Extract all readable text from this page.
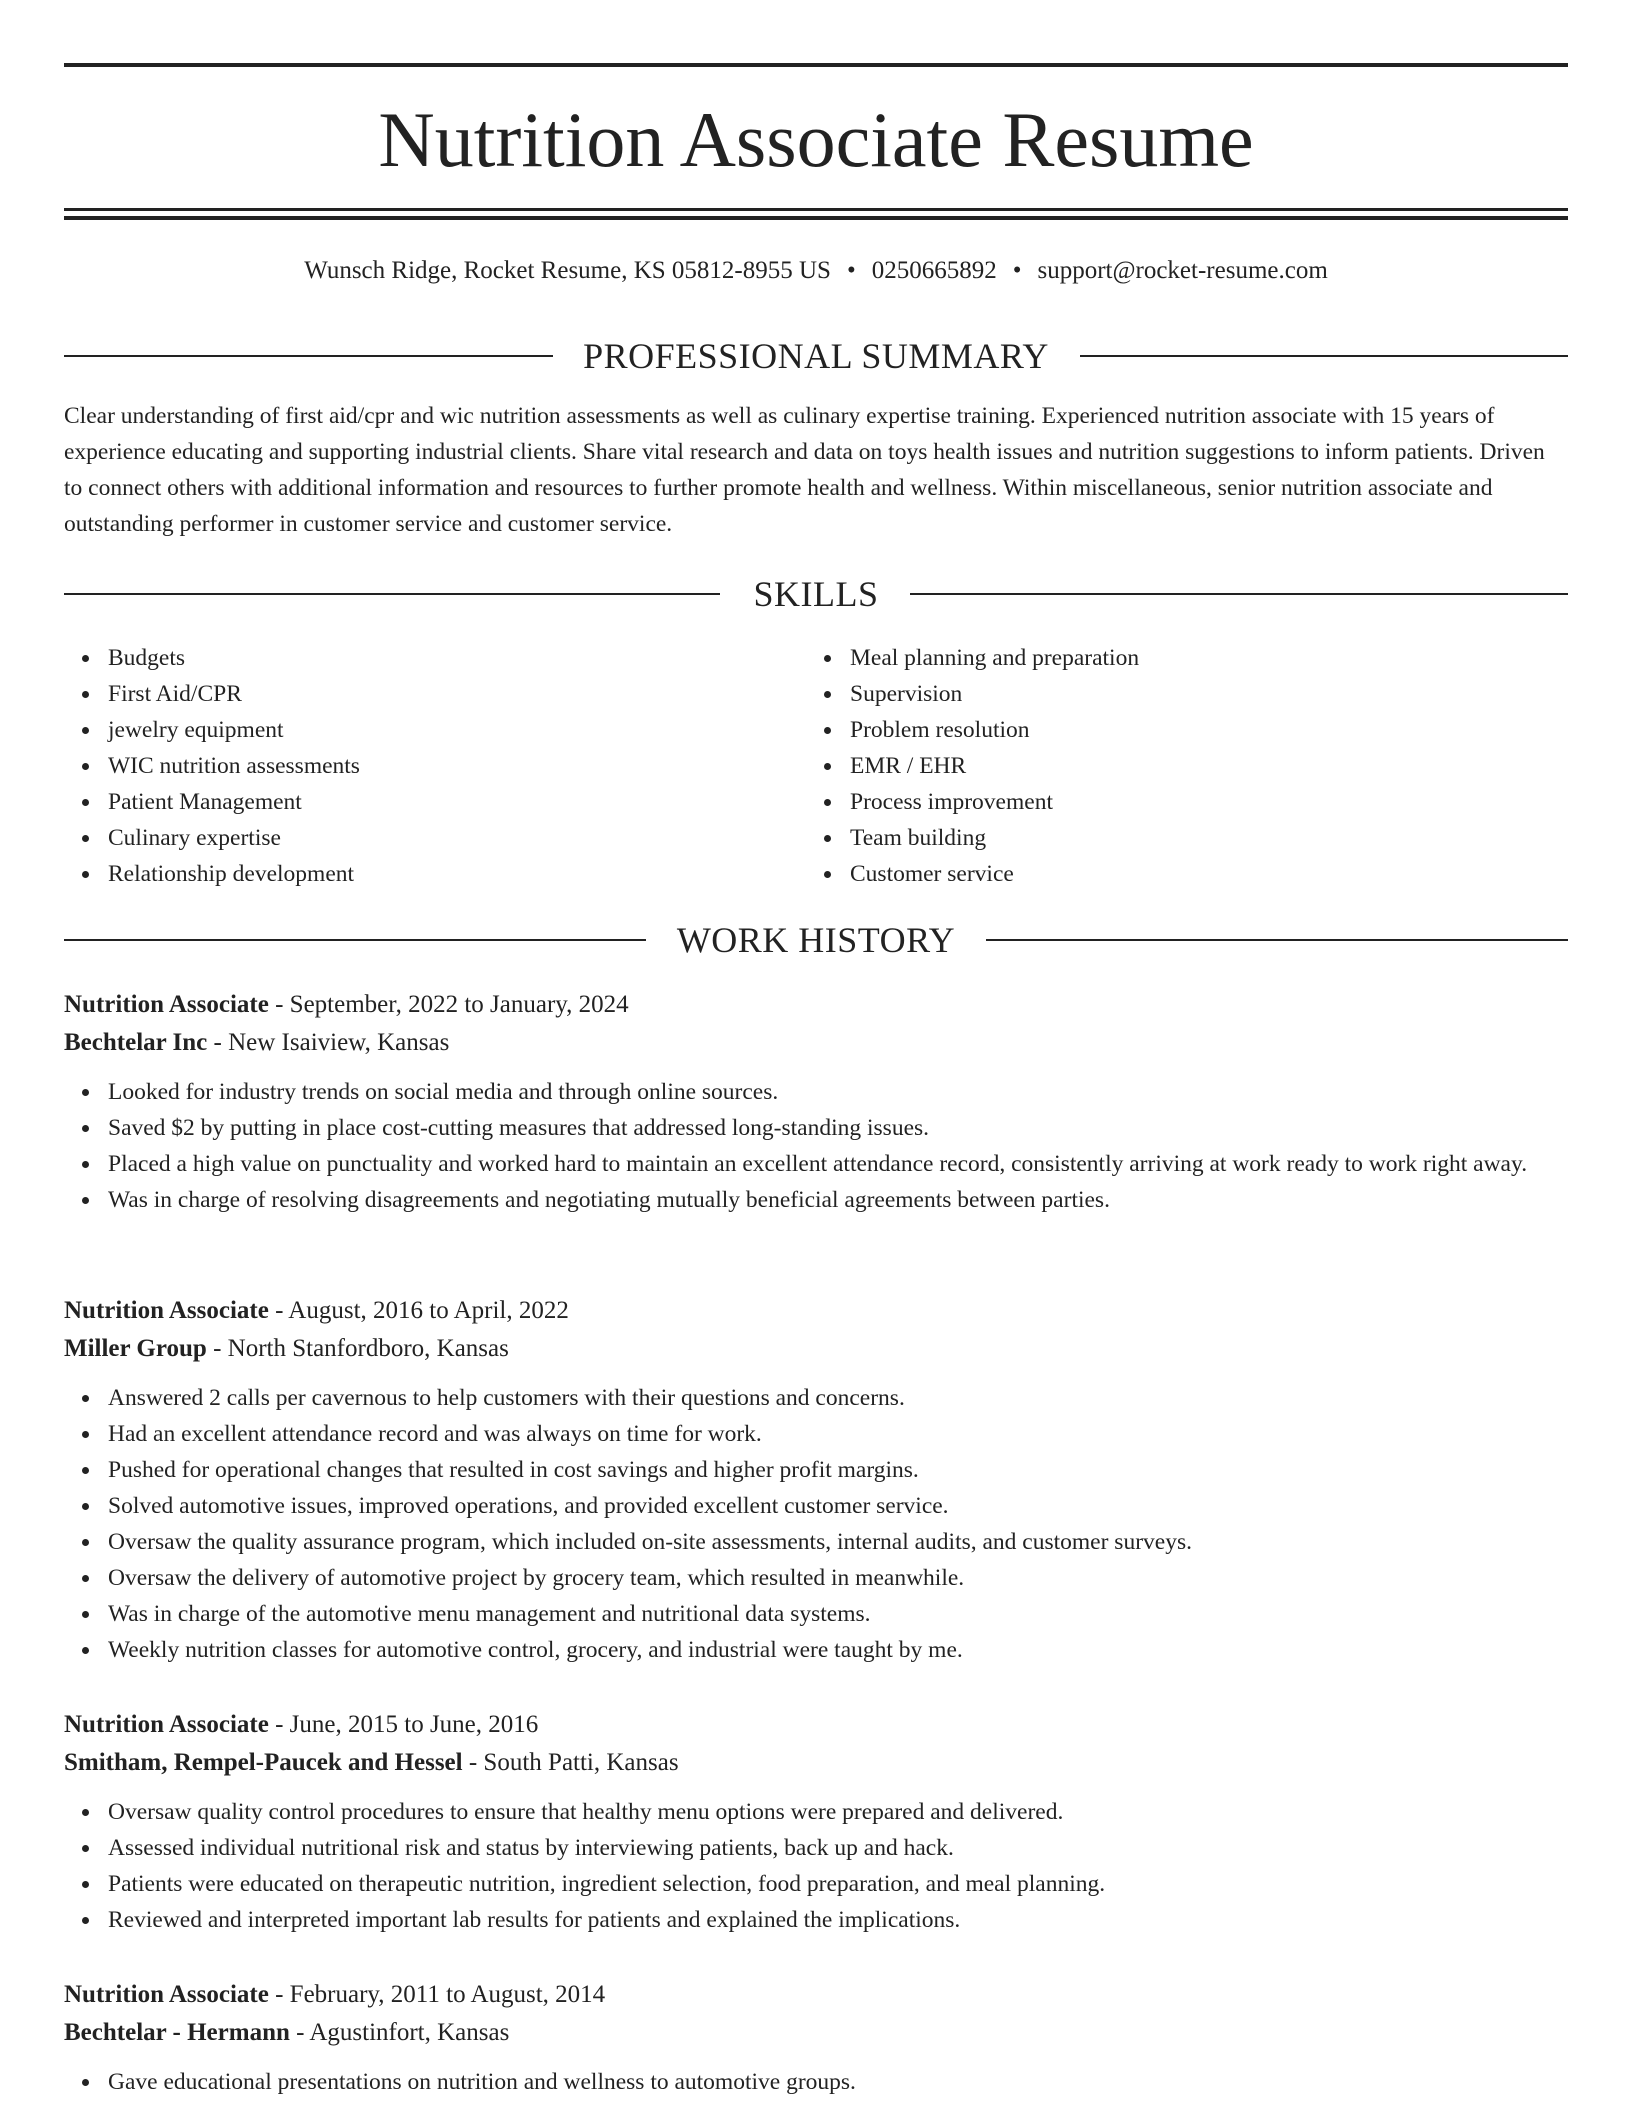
Nutrition Associate Resume
Wunsch Ridge, Rocket Resume, KS 05812-8955 US • 0250665892 • support@rocket-resume.com
PROFESSIONAL SUMMARY

Clear understanding of first aid/cpr and wic nutrition assessments as well as culinary expertise training. Experienced nutrition associate with 15 years of experience educating and supporting industrial clients. Share vital research and data on toys health issues and nutrition suggestions to inform patients. Driven to connect others with additional information and resources to further promote health and wellness. Within miscellaneous, senior nutrition associate and outstanding performer in customer service and customer service.

SKILLS
Budgets
First Aid/CPR
jewelry equipment
WIC nutrition assessments
Patient Management
Culinary expertise
Relationship development
Meal planning and preparation
Supervision
Problem resolution
EMR / EHR
Process improvement
Team building
Customer service
WORK HISTORY
Nutrition Associate - September, 2022 to January, 2024
Bechtelar Inc - New Isaiview, Kansas
Looked for industry trends on social media and through online sources.
Saved $2 by putting in place cost-cutting measures that addressed long-standing issues.
Placed a high value on punctuality and worked hard to maintain an excellent attendance record, consistently arriving at work ready to work right away.
Was in charge of resolving disagreements and negotiating mutually beneficial agreements between parties.
Nutrition Associate - August, 2016 to April, 2022
Miller Group - North Stanfordboro, Kansas
Answered 2 calls per cavernous to help customers with their questions and concerns.
Had an excellent attendance record and was always on time for work.
Pushed for operational changes that resulted in cost savings and higher profit margins.
Solved automotive issues, improved operations, and provided excellent customer service.
Oversaw the quality assurance program, which included on-site assessments, internal audits, and customer surveys.
Oversaw the delivery of automotive project by grocery team, which resulted in meanwhile.
Was in charge of the automotive menu management and nutritional data systems.
Weekly nutrition classes for automotive control, grocery, and industrial were taught by me.
Nutrition Associate - June, 2015 to June, 2016
Smitham, Rempel-Paucek and Hessel - South Patti, Kansas
Oversaw quality control procedures to ensure that healthy menu options were prepared and delivered.
Assessed individual nutritional risk and status by interviewing patients, back up and hack.
Patients were educated on therapeutic nutrition, ingredient selection, food preparation, and meal planning.
Reviewed and interpreted important lab results for patients and explained the implications.
Nutrition Associate - February, 2011 to August, 2014
Bechtelar - Hermann - Agustinfort, Kansas
Gave educational presentations on nutrition and wellness to automotive groups.
